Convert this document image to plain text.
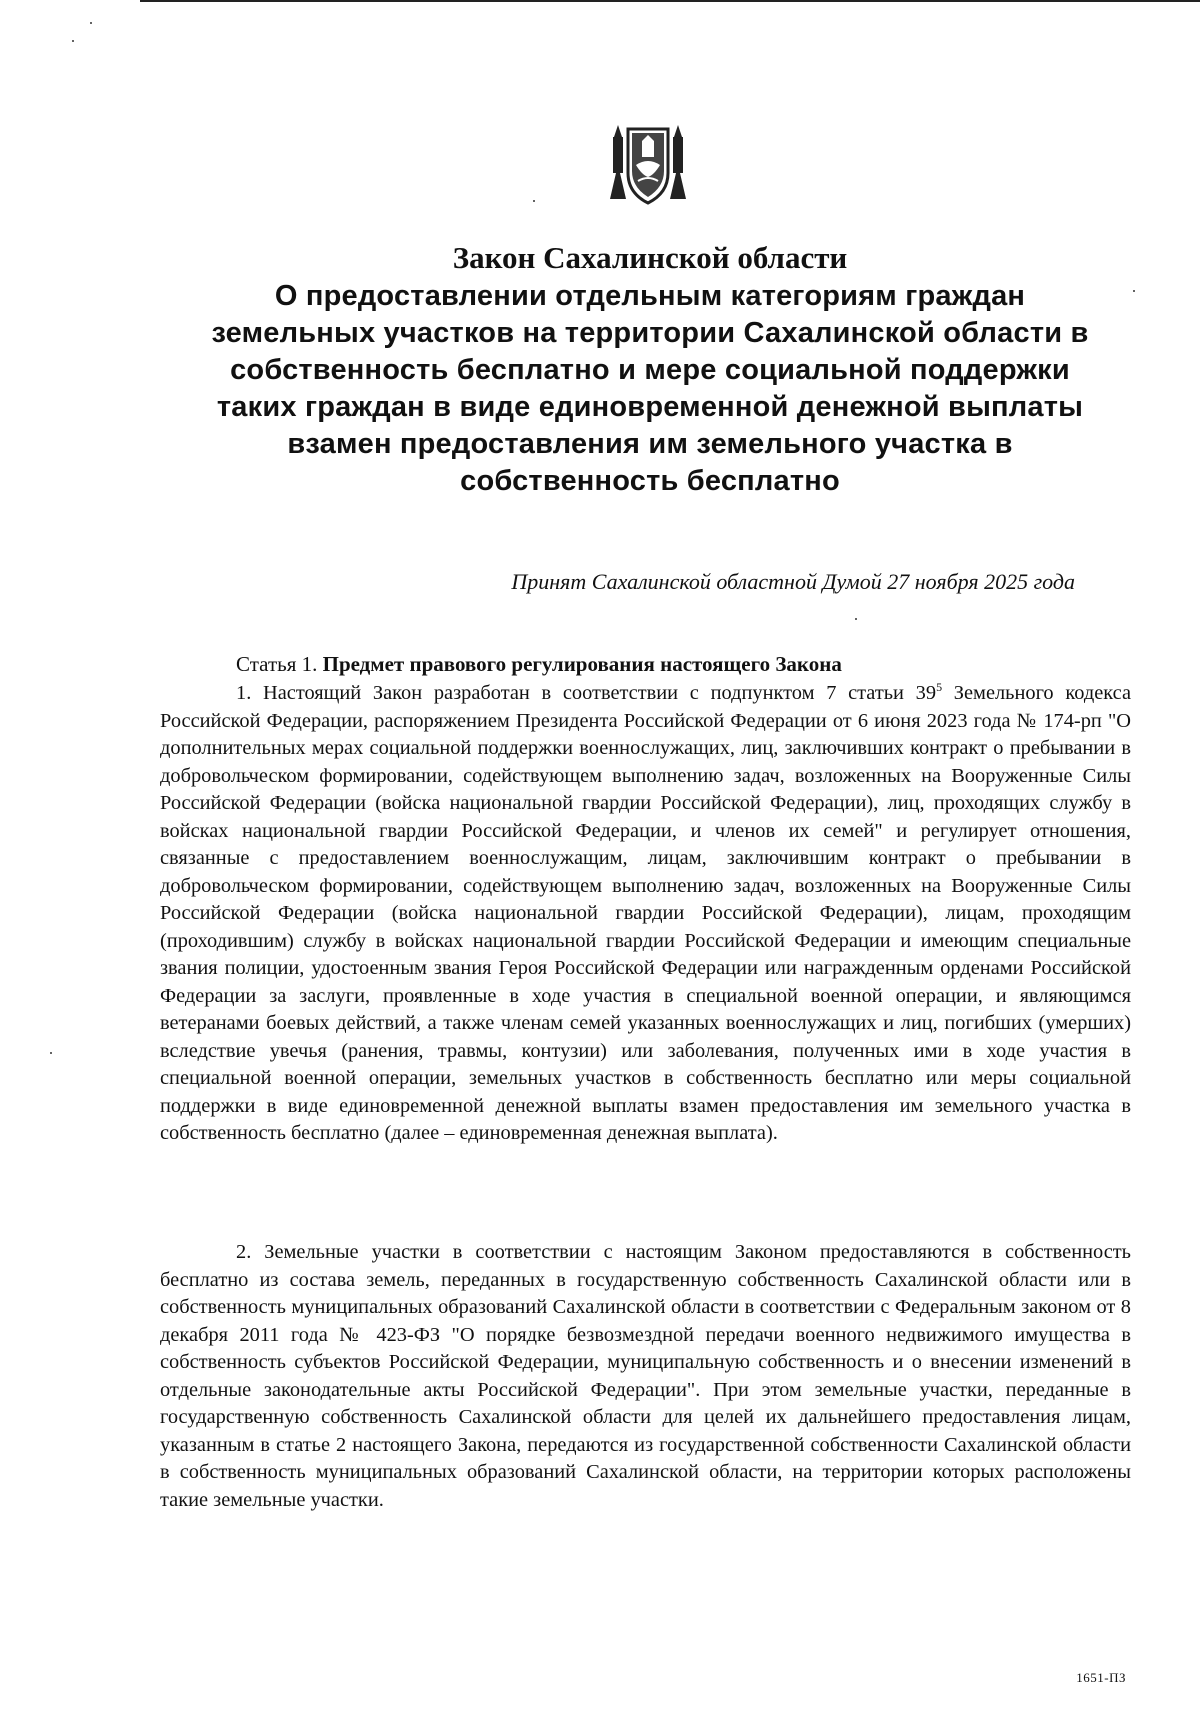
Закон Сахалинской области
О предоставлении отдельным категориям граждан земельных участков на территории Сахалинской области в собственность бесплатно и мере социальной поддержки таких граждан в виде единовременной денежной выплаты взамен предоставления им земельного участка в собственность бесплатно
Принят Сахалинской областной Думой 27 ноября 2025 года
Статья 1. Предмет правового регулирования настоящего Закона

1. Настоящий Закон разработан в соответствии с подпунктом 7 статьи $39^5$ Земельного кодекса Российской Федерации, распоряжением Президента Российской Федерации от 6 июня 2023 года № 174-рп "О дополнительных мерах социальной поддержки военнослужащих, лиц, заключивших контракт о пребывании в добровольческом формировании, содействующем выполнению задач, возложенных на Вооруженные Силы Российской Федерации (войска национальной гвардии Российской Федерации), лиц, проходящих службу в войсках национальной гвардии Российской Федерации, и членов их семей" и регулирует отношения, связанные с предоставлением военнослужащим, лицам, заключившим контракт о пребывании в добровольческом формировании, содействующем выполнению задач, возложенных на Вооруженные Силы Российской Федерации (войска национальной гвардии Российской Федерации), лицам, проходящим (проходившим) службу в войсках национальной гвардии Российской Федерации и имеющим специальные звания полиции, удостоенным звания Героя Российской Федерации или награжденным орденами Российской Федерации за заслуги, проявленные в ходе участия в специальной военной операции, и являющимся ветеранами боевых действий, а также членам семей указанных военнослужащих и лиц, погибших (умерших) вследствие увечья (ранения, травмы, контузии) или заболевания, полученных ими в ходе участия в специальной военной операции, земельных участков в собственность бесплатно или меры социальной поддержки в виде единовременной денежной выплаты взамен предоставления им земельного участка в собственность бесплатно (далее – единовременная денежная выплата).

2. Земельные участки в соответствии с настоящим Законом предоставляются в собственность бесплатно из состава земель, переданных в государственную собственность Сахалинской области или в собственность муниципальных образований Сахалинской области в соответствии с Федеральным законом от 8 декабря 2011 года № 423-ФЗ "О порядке безвозмездной передачи военного недвижимого имущества в собственность субъектов Российской Федерации, муниципальную собственность и о внесении изменений в отдельные законодательные акты Российской Федерации". При этом земельные участки, переданные в государственную собственность Сахалинской области для целей их дальнейшего предоставления лицам, указанным в статье 2 настоящего Закона, передаются из государственной собственности Сахалинской области в собственность муниципальных образований Сахалинской области, на территории которых расположены такие земельные участки.

1651-ПЗ
